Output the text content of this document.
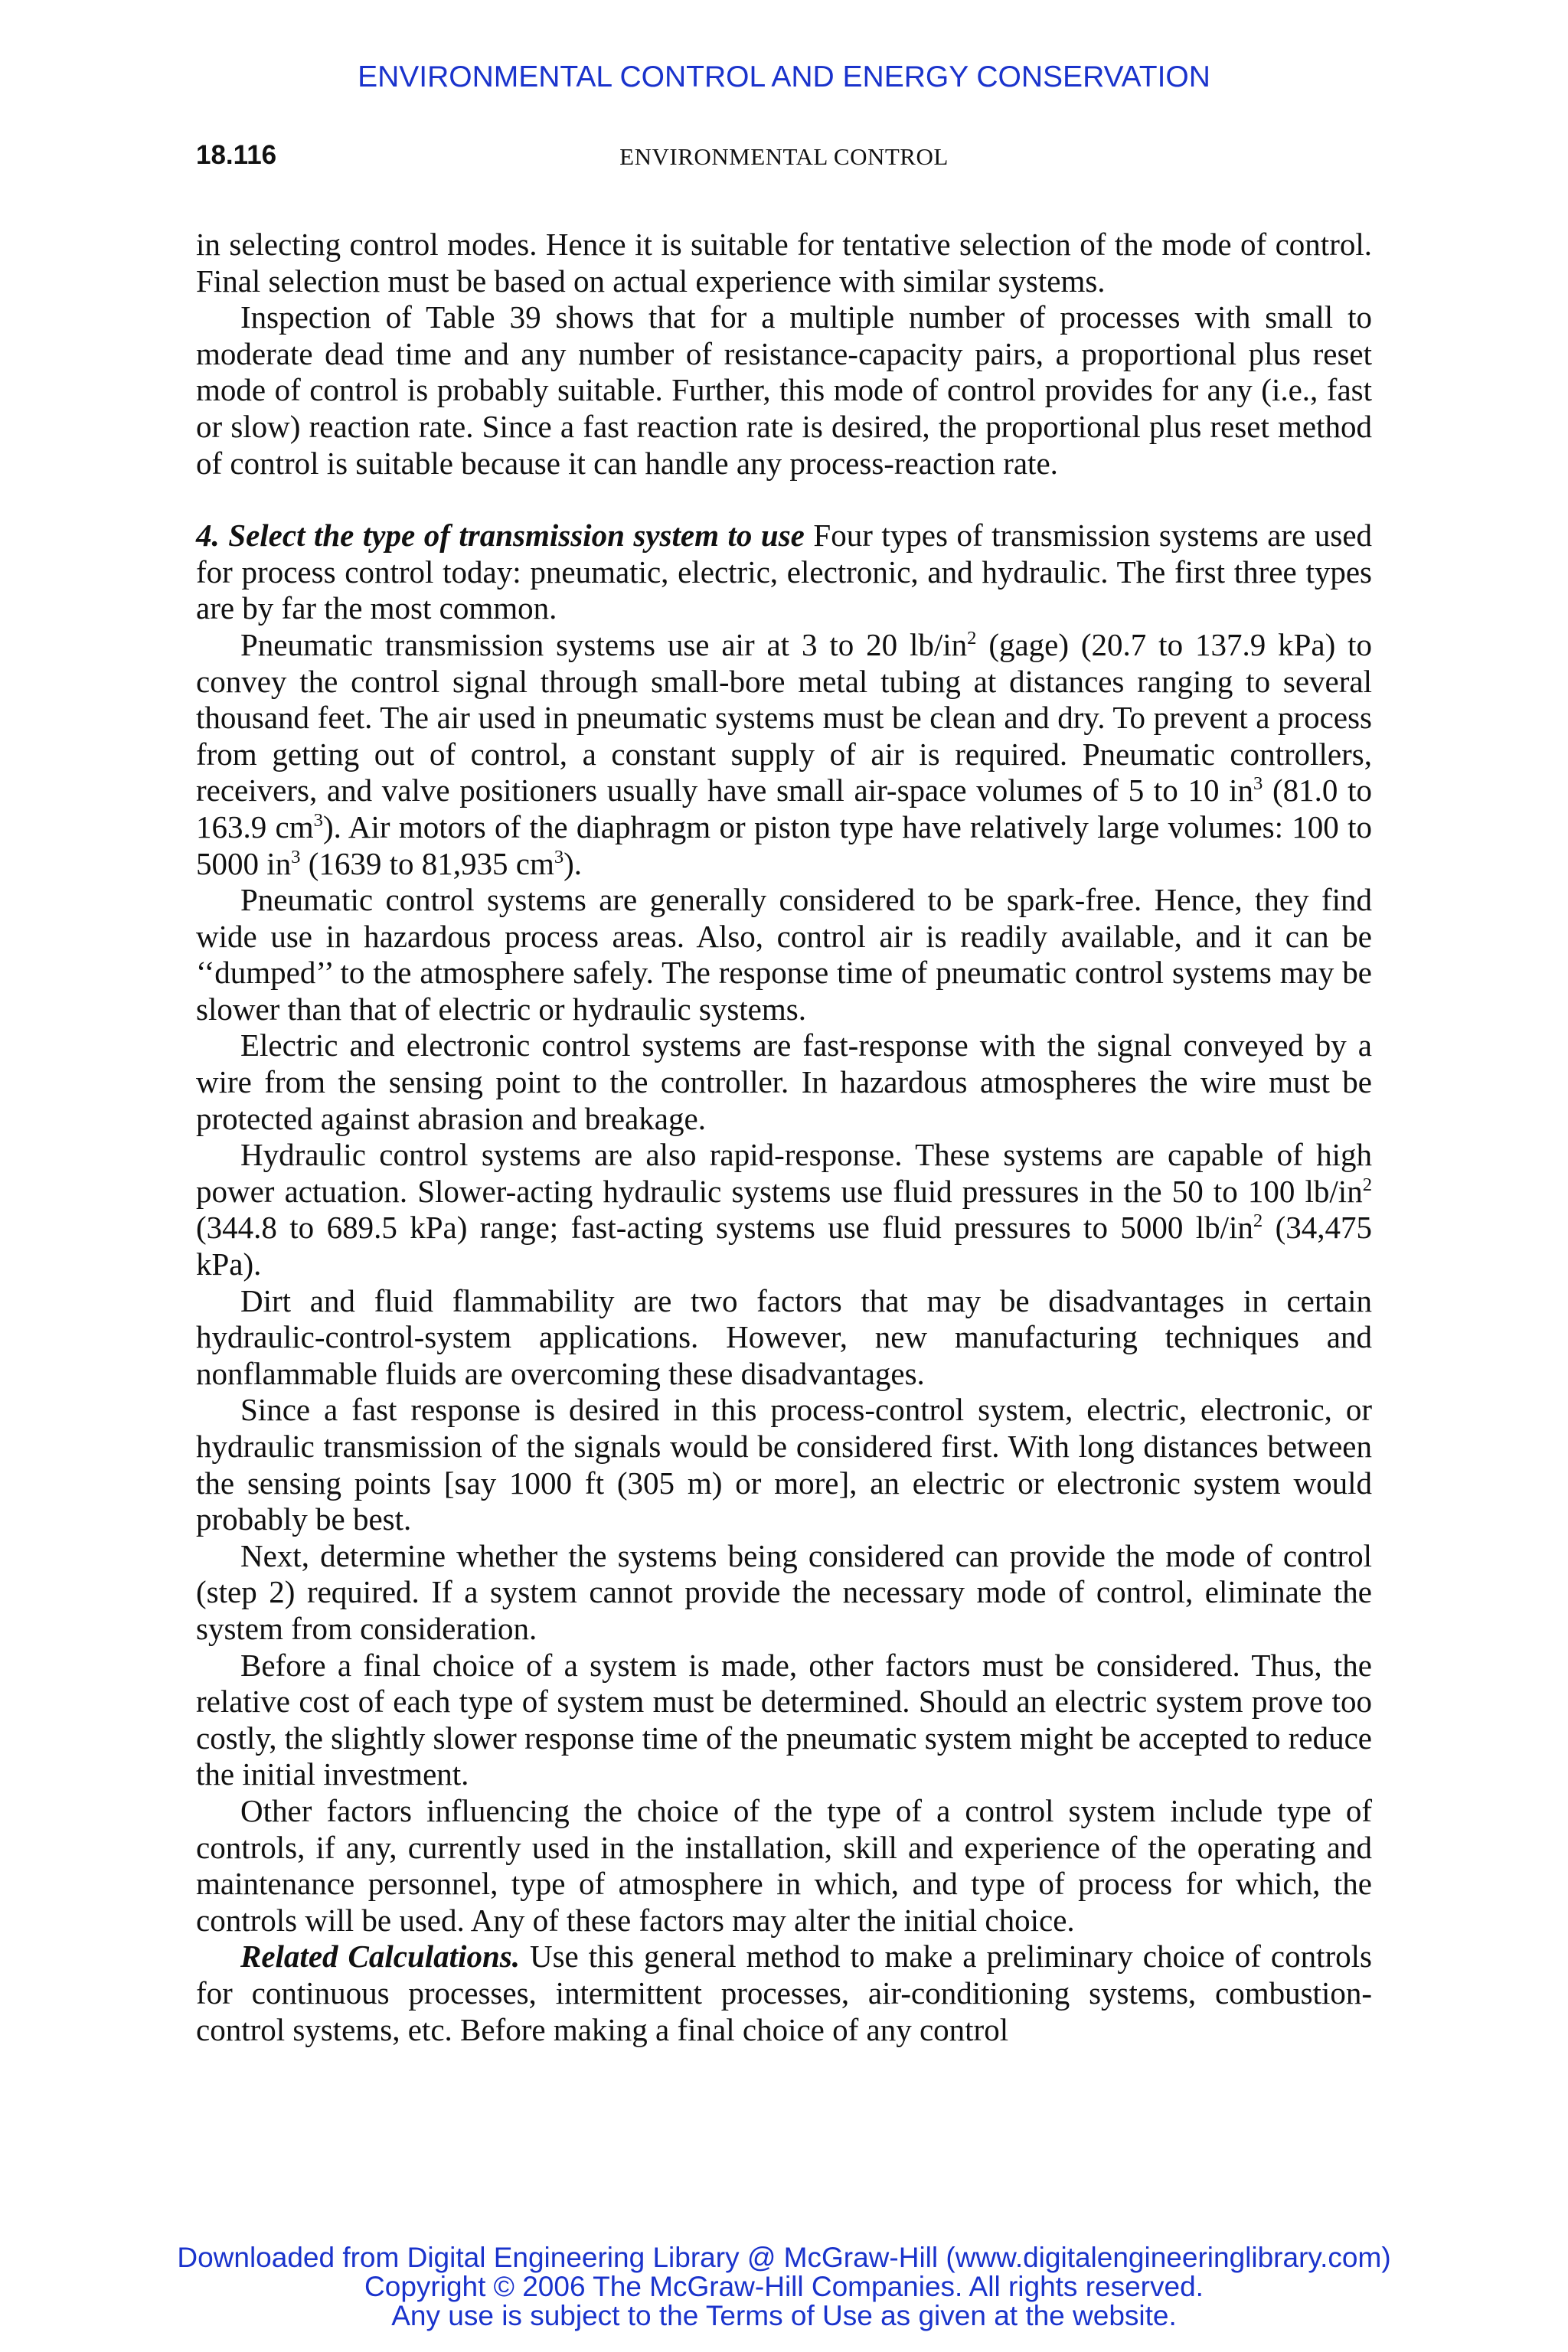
ENVIRONMENTAL CONTROL AND ENERGY CONSERVATION
18.116	ENVIRONMENTAL CONTROL

in selecting control modes. Hence it is suitable for tentative selection of the mode of control. Final selection must be based on actual experience with similar systems.

Inspection of Table 39 shows that for a multiple number of processes with small to moderate dead time and any number of resistance-capacity pairs, a proportional plus reset mode of control is probably suitable. Further, this mode of control provides for any (i.e., fast or slow) reaction rate. Since a fast reaction rate is desired, the proportional plus reset method of control is suitable because it can handle any process-reaction rate.

4. Select the type of transmission system to use Four types of transmission systems are used for process control today: pneumatic, electric, electronic, and hydraulic. The first three types are by far the most common.

Pneumatic transmission systems use air at 3 to 20 $lb/in^2$ (gage) (20.7 to 137.9 kPa) to convey the control signal through small-bore metal tubing at distances ranging to several thousand feet. The air used in pneumatic systems must be clean and dry. To prevent a process from getting out of control, a constant supply of air is required. Pneumatic controllers, receivers, and valve positioners usually have small air-space volumes of 5 to 10 $in^3$ (81.0 to 163.9 $cm^3$). Air motors of the diaphragm or piston type have relatively large volumes: 100 to 5000 $in^3$ (1639 to 81,935 $cm^3$).

Pneumatic control systems are generally considered to be spark-free. Hence, they find wide use in hazardous process areas. Also, control air is readily available, and it can be ‘‘dumped’’ to the atmosphere safely. The response time of pneumatic control systems may be slower than that of electric or hydraulic systems.

Electric and electronic control systems are fast-response with the signal conveyed by a wire from the sensing point to the controller. In hazardous atmospheres the wire must be protected against abrasion and breakage.

Hydraulic control systems are also rapid-response. These systems are capable of high power actuation. Slower-acting hydraulic systems use fluid pressures in the 50 to 100 $lb/in^2$ (344.8 to 689.5 kPa) range; fast-acting systems use fluid pressures to 5000 $lb/in^2$ (34,475 kPa).

Dirt and fluid flammability are two factors that may be disadvantages in certain hydraulic-control-system applications. However, new manufacturing techniques and nonflammable fluids are overcoming these disadvantages.

Since a fast response is desired in this process-control system, electric, electronic, or hydraulic transmission of the signals would be considered first. With long distances between the sensing points [say 1000 ft (305 m) or more], an electric or electronic system would probably be best.

Next, determine whether the systems being considered can provide the mode of control (step 2) required. If a system cannot provide the necessary mode of control, eliminate the system from consideration.

Before a final choice of a system is made, other factors must be considered. Thus, the relative cost of each type of system must be determined. Should an electric system prove too costly, the slightly slower response time of the pneumatic system might be accepted to reduce the initial investment.

Other factors influencing the choice of the type of a control system include type of controls, if any, currently used in the installation, skill and experience of the operating and maintenance personnel, type of atmosphere in which, and type of process for which, the controls will be used. Any of these factors may alter the initial choice.

Related Calculations. Use this general method to make a preliminary choice of controls for continuous processes, intermittent processes, air-conditioning systems, combustion-control systems, etc. Before making a final choice of any control

Downloaded from Digital Engineering Library @ McGraw-Hill (www.digitalengineeringlibrary.com)
Copyright © 2006 The McGraw-Hill Companies. All rights reserved.
Any use is subject to the Terms of Use as given at the website.
